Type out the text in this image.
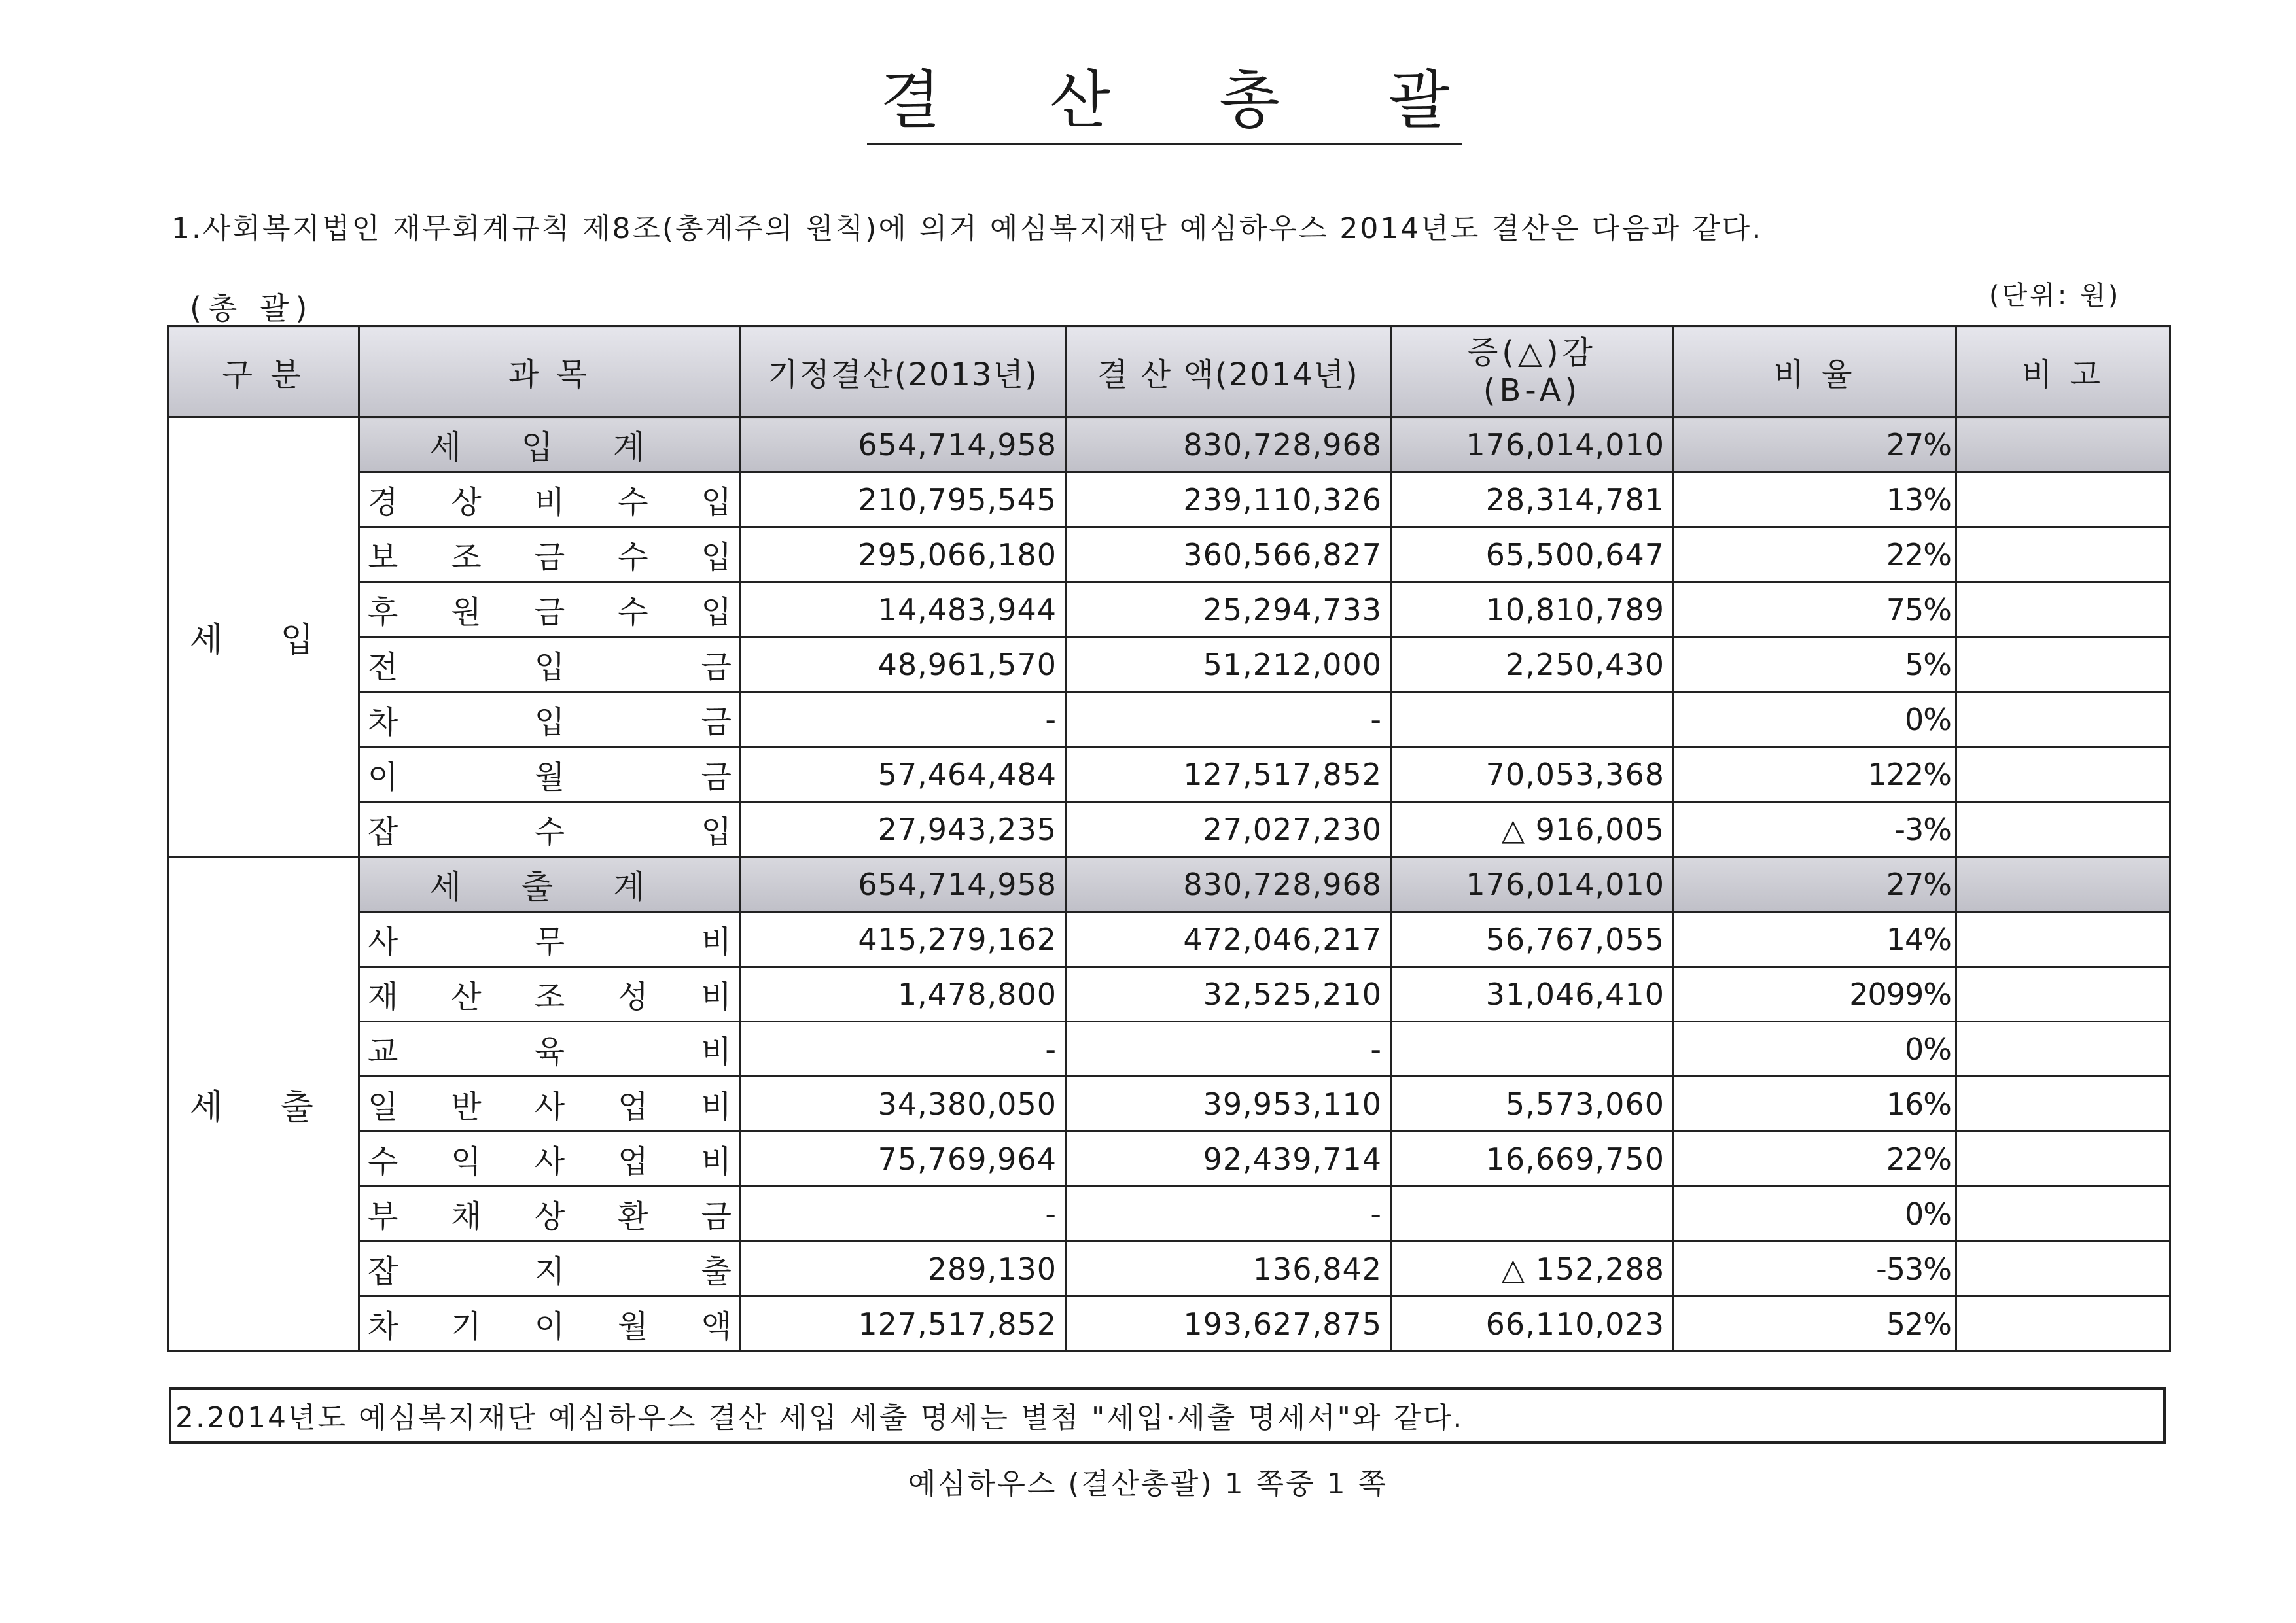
결 산 총 괄
1.사회복지법인 재무회계규칙 제8조(총계주의 원칙)에 의거 예심복지재단 예심하우스 2014년도 결산은 다음과 같다.
(총 괄)	(단위: 원)
구 분	과 목	기정결산(2013년)	결 산 액(2014년)	증(△)감
(B-A)	비 율	비 고
세 입	세 입 계	654,714,958	830,728,968	176,014,010	27%	

	경 상 비 수 입	210,795,545	239,110,326	28,314,781	13%	

	보 조 금 수 입	295,066,180	360,566,827	65,500,647	22%	

	후 원 금 수 입	14,483,944	25,294,733	10,810,789	75%	

	전 입 금	48,961,570	51,212,000	2,250,430	5%	

	차 입 금	-	-		0%	

	이 월 금	57,464,484	127,517,852	70,053,368	122%	

	잡 수 입	27,943,235	27,027,230	△ 916,005	-3%	
세 출	세 출 계	654,714,958	830,728,968	176,014,010	27%	

	사 무 비	415,279,162	472,046,217	56,767,055	14%	

	재 산 조 성 비	1,478,800	32,525,210	31,046,410	2099%	

	교 육 비	-	-		0%	

	일 반 사 업 비	34,380,050	39,953,110	5,573,060	16%	

	수 익 사 업 비	75,769,964	92,439,714	16,669,750	22%	

	부 채 상 환 금	-	-		0%	

	잡 지 출	289,130	136,842	△ 152,288	-53%	

	차 기 이 월 액	127,517,852	193,627,875	66,110,023	52%	
2.2014년도 예심복지재단 예심하우스 결산 세입 세출 명세는 별첨 "세입·세출 명세서"와 같다.
예심하우스 (결산총괄) 1 쪽중 1 쪽
